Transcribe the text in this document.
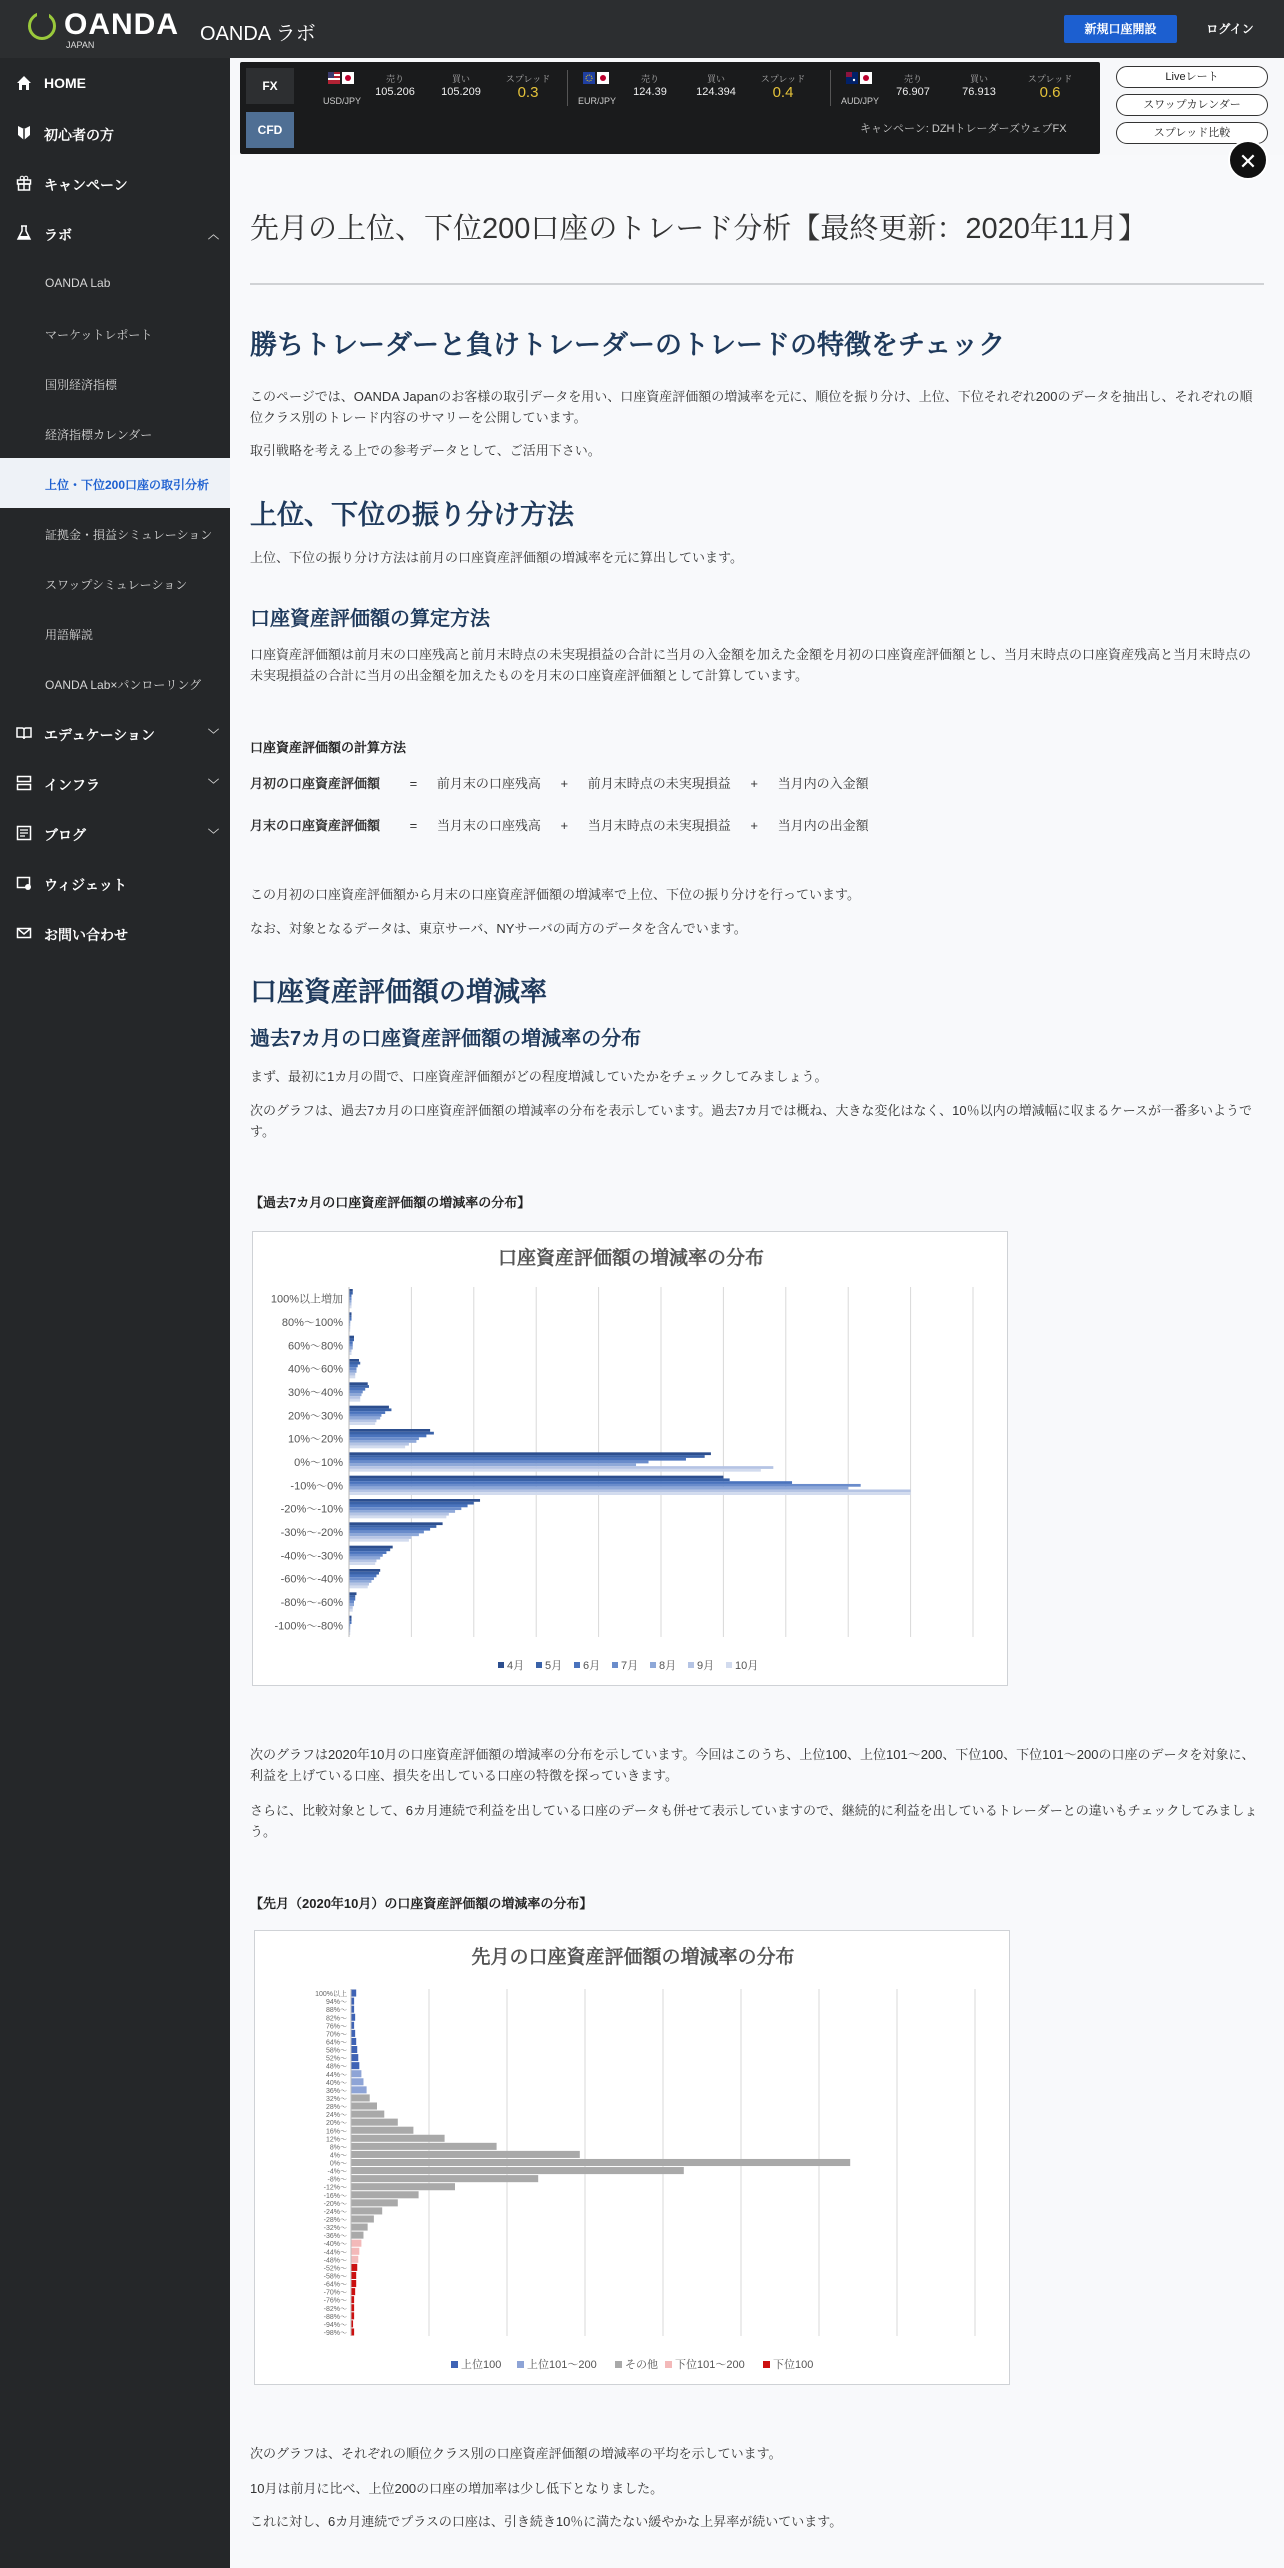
OANDA
JAPAN	OANDA ラボ	新規口座開設	ログイン
HOME
初心者の方
キャンペーン
ラボ	︿
OANDA Lab
マーケットレポート
国別経済指標
経済指標カレンダー
上位・下位200口座の取引分析
証拠金・損益シミュレーション
スワップシミュレーション
用語解説
OANDA Lab×パンローリング
エデュケーション	﹀
インフラ	﹀
ブログ	﹀
ウィジェット
お問い合わせ
FX
CFD
USD/JPY
売り
105.206
買い
105.209
スプレッド
0.3	EUR/JPY
売り
124.39
買い
124.394
スプレッド
0.4	AUD/JPY
売り
76.907
買い
76.913
スプレッド
0.6
キャンペーン: DZHトレーダーズウェブFX
Liveレート
スワップカレンダー
スプレッド比較
先月の上位、下位200口座のトレード分析【最終更新：2020年11月】
勝ちトレーダーと負けトレーダーのトレードの特徴をチェック
このページでは、OANDA Japanのお客様の取引データを用い、口座資産評価額の増減率を元に、順位を振り分け、上位、下位それぞれ200のデータを抽出し、それぞれの順位クラス別のトレード内容のサマリーを公開しています。
取引戦略を考える上での参考データとして、ご活用下さい。
上位、下位の振り分け方法
上位、下位の振り分け方法は前月の口座資産評価額の増減率を元に算出しています。
口座資産評価額の算定方法
口座資産評価額は前月末の口座残高と前月末時点の未実現損益の合計に当月の入金額を加えた金額を月初の口座資産評価額とし、当月末時点の口座資産残高と当月末時点の未実現損益の合計に当月の出金額を加えたものを月末の口座資産評価額として計算しています。
口座資産評価額の計算方法
月初の口座資産評価額 = 前月末の口座残高 + 前月末時点の未実現損益 + 当月内の入金額
月末の口座資産評価額 = 当月末の口座残高 + 当月末時点の未実現損益 + 当月内の出金額
この月初の口座資産評価額から月末の口座資産評価額の増減率で上位、下位の振り分けを行っています。
なお、対象となるデータは、東京サーバ、NYサーバの両方のデータを含んでいます。
口座資産評価額の増減率
過去7カ月の口座資産評価額の増減率の分布
まず、最初に1カ月の間で、口座資産評価額がどの程度増減していたかをチェックしてみましょう。
次のグラフは、過去7カ月の口座資産評価額の増減率の分布を表示しています。過去7カ月では概ね、大きな変化はなく、10％以内の増減幅に収まるケースが一番多いようです。
【過去7カ月の口座資産評価額の増減率の分布】
口座資産評価額の増減率の分布
100%以上増加
80%～100%
60%～80%
40%～60%
30%～40%
20%～30%
10%～20%
0%～10%
-10%～0%
-20%～-10%
-30%～-20%
-40%～-30%
-60%～-40%
-80%～-60%
-100%～-80%
4月 5月 6月 7月 8月 9月 10月
次のグラフは2020年10月の口座資産評価額の増減率の分布を示しています。今回はこのうち、上位100、上位101～200、下位100、下位101～200の口座のデータを対象に、利益を上げている口座、損失を出している口座の特徴を探っていきます。
さらに、比較対象として、6カ月連続で利益を出している口座のデータも併せて表示していますので、継続的に利益を出しているトレーダーとの違いもチェックしてみましょう。
【先月（2020年10月）の口座資産評価額の増減率の分布】
先月の口座資産評価額の増減率の分布
100%以上
94%～
88%～
82%～
76%～
70%～
64%～
58%～
52%～
48%～
44%～
40%～
36%～
32%～
28%～
24%～
20%～
16%～
12%～
8%～
4%～
0%～
-4%～
-8%～
-12%～
-16%～
-20%～
-24%～
-28%～
-32%～
-36%～
-40%～
-44%～
-48%～
-52%～
-58%～
-64%～
-70%～
-76%～
-82%～
-88%～
-94%～
-98%～
上位100 上位101～200	その他 下位101～200	下位100
次のグラフは、それぞれの順位クラス別の口座資産評価額の増減率の平均を示しています。
10月は前月に比べ、上位200の口座の増加率は少し低下となりました。
これに対し、6カ月連続でプラスの口座は、引き続き10％に満たない緩やかな上昇率が続いています。
✕
